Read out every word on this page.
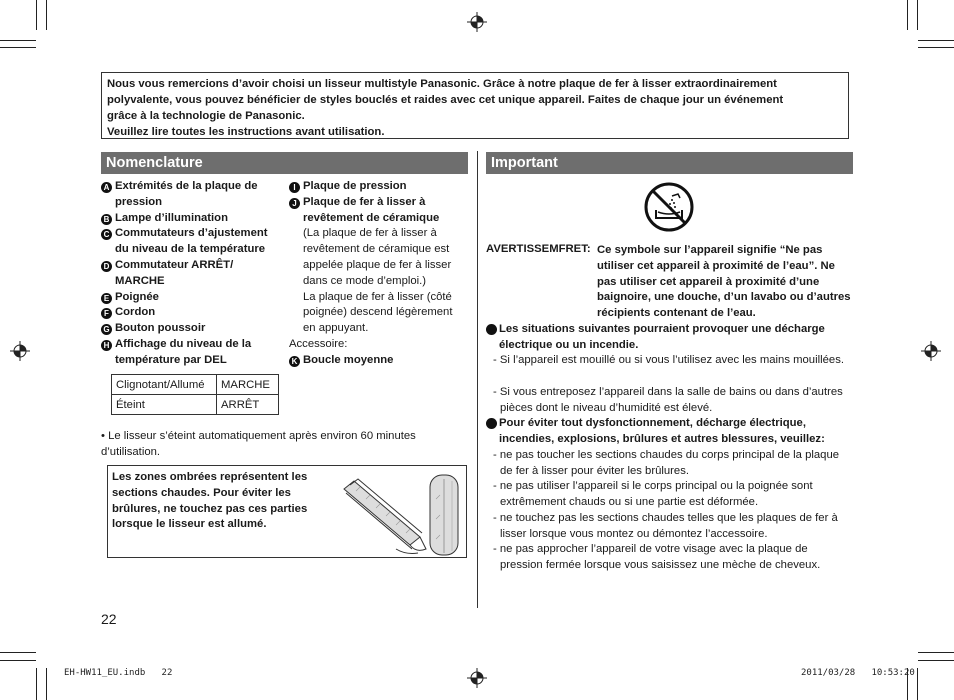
Nous vous remercions d’avoir choisi un lisseur multistyle Panasonic. Grâce à notre plaque de fer à lisser extraordinairement

polyvalente, vous pouvez bénéficier de styles bouclés et raides avec cet unique appareil. Faites de chaque jour un événement

grâce à la technologie de Panasonic.

Veuillez lire toutes les instructions avant utilisation.

Nomenclature	Important
A Extrémités de la plaque de pression
B Lampe d’illumination
C Commutateurs d’ajustement du niveau de la température
D Commutateur ARRÊT/ MARCHE
E Poignée
F Cordon
G Bouton poussoir
H Affichage du niveau de la température par DEL
I Plaque de pression
J Plaque de fer à lisser à revêtement de céramique
(La plaque de fer à lisser à revêtement de céramique est appelée plaque de fer à lisser dans ce mode d’emploi.)
La plaque de fer à lisser (côté poignée) descend légèrement en appuyant.
Accessoire:
K Boucle moyenne
Clignotant/Allumé	MARCHE
Éteint	ARRÊT
• Le lisseur s’éteint automatiquement après environ 60 minutes d’utilisation.
Les zones ombrées représentent les sections chaudes. Pour éviter les brûlures, ne touchez pas ces parties lorsque le lisseur est allumé.
AVERTISSEMFRET: Ce symbole sur l’appareil signifie “Ne pas utiliser cet appareil à proximité de l’eau”. Ne pas utiliser cet appareil à proximité d’une baignoire, une douche, d’un lavabo ou d’autres récipients contenant de l’eau.
Les situations suivantes pourraient provoquer une décharge électrique ou un incendie.
- Si l’appareil est mouillé ou si vous l’utilisez avec les mains mouillées.
- Si vous entreposez l’appareil dans la salle de bains ou dans d’autres pièces dont le niveau d’humidité est élevé.
Pour éviter tout dysfonctionnement, décharge électrique, incendies, explosions, brûlures et autres blessures, veuillez:
- ne pas toucher les sections chaudes du corps principal de la plaque de fer à lisser pour éviter les brûlures.
- ne pas utiliser l’appareil si le corps principal ou la poignée sont extrêmement chauds ou si une partie est déformée.
- ne touchez pas les sections chaudes telles que les plaques de fer à lisser lorsque vous montez ou démontez l’accessoire.
- ne pas approcher l’appareil de votre visage avec la plaque de pression fermée lorsque vous saisissez une mèche de cheveux.
22
EH-HW11_EU.indb   22	2011/03/28   10:53:20
